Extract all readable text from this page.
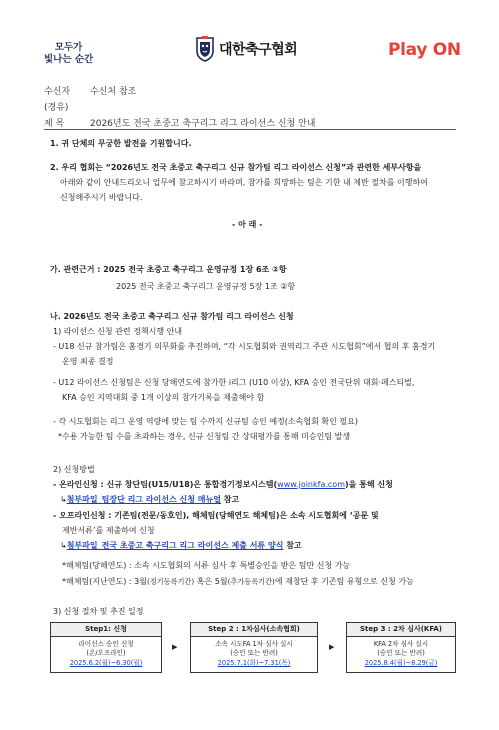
모두가
빛나는 순간
대한축구협회	Play ON
수신자 수신처 참조
(경유)
제 목	2026년도 전국 초중고 축구리그 리그 라이선스 신청 안내
1. 귀 단체의 무궁한 발전을 기원합니다.
2. 우리 협회는 “2026년도 전국 초중고 축구리그 신규 참가팀 리그 라이선스 신청”과 관련한 세부사항을
아래와 같이 안내드리오니 업무에 참고하시기 바라며, 참가를 희망하는 팀은 기한 내 제반 절차를 이행하여
신청해주시기 바랍니다.
- 아 래 -
가. 관련근거 : 2025 전국 초중고 축구리그 운영규정 1장 6조 ②항
2025 전국 초중고 축구리그 운영규정 5장 1조 ②항
나. 2026년도 전국 초중고 축구리그 신규 참가팀 리그 라이선스 신청
1) 라이선스 신청 관련 정책시행 안내
- U18 신규 참가팀은 홈경기 의무화를 추진하며, “각 시도협회와 권역리그 주관 시도협회”에서 협의 후 홈경기
운영 최종 결정
- U12 라이선스 신청팀은 신청 당해연도에 참가한 i리그 (U10 이상), KFA 승인 전국단위 대회·페스티벌,
KFA 승인 지역대회 중 1개 이상의 참가기록을 제출해야 함
- 각 시도협회는 리그 운영 역량에 맞는 팀 수까지 신규팀 승인 예정(소속협회 확인 필요)
*수용 가능한 팀 수를 초과하는 경우, 신규 신청팀 간 상대평가를 통해 미승인팀 발생
2) 신청방법
- 온라인신청 : 신규 창단팀(U15/U18)은 통합경기정보시스템(www.joinkfa.com)을 통해 신청
↳첨부파일_팀장단 리그 라이선스 신청 매뉴얼 참고
- 오프라인신청 : 기존팀(전문/동호인), 해체팀(당해연도 해체팀)은 소속 시도협회에 ‘공문 및
제반서류’를 제출하여 신청
↳첨부파일_전국 초중고 축구리그 리그 라이선스 제출 서류 양식 참고
*해체팀(당해연도) : 소속 시도협회의 서류 심사 후 특별승인을 받은 팀만 신청 가능
*해체팀(지난연도) : 3월(정기등록기간) 혹은 5월(추가등록기간)에 재창단 후 기존팀 유형으로 신청 가능
3) 신청 절차 및 추진 일정
Step1: 신청
라이선스 승인 신청
(온/오프라인)
2025.6.2(월)~6.30(월)
▶
Step 2 : 1차심사(소속협회)
소속 시도FA 1차 심사 실시
(승인 또는 반려)
2025.7.1(화)~7.31(목)
▶
Step 3 : 2차 심사(KFA)
KFA 2차 심사 실시
(승인 또는 반려)
2025.8.4(월)~8.29(금)
